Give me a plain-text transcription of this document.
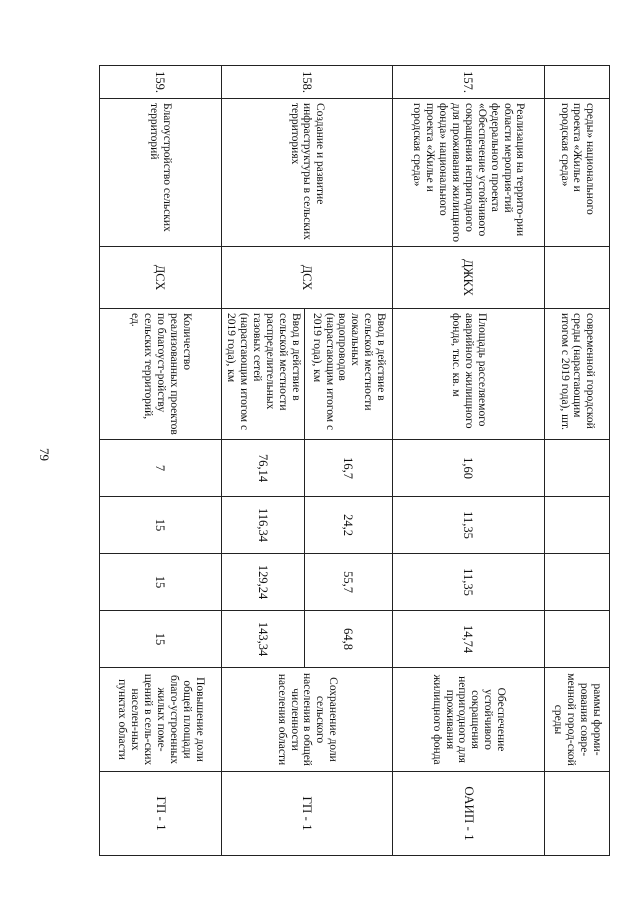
79
	среды» национального проекта «Жилье и городская среда»		современной городской среды (нарастающим итогом с 2019 года), шт.					раммы форми-рования совре-менной город-ской среды	
157.	Реализация на террито-рии области мероприя-тий федерального проекта «Обеспечение устойчивого сокращения непригодного для проживания жилищного фонда» национального проекта «Жилье и городская среда»	ДЖКХ	Площадь расселяемого аварийного жилищного фонда, тыс. кв. м	1,60	11,35	11,35	14,74	Обеспечение устойчивого сокращения непригодного для проживания жилищного фонда	ОАИП - 1
158.	Создание и развитие инфраструктуры в сельских территориях	ДСХ	Ввод в действие в сельской местности локальных водопроводов (нарастающим итогом с 2019 года), км	16,7	24,2	55,7	64,8	Сохранение доли сельского населения в общей численности населения области	ГП - 1
			Ввод в действие в сельской местности распределительных газовых сетей (нарастающим итогом с 2019 года), км	76,14	116,34	129,24	143,34		
159.	Благоустройство сельских территорий	ДСХ	Количество реализованных проектов по благоуст-ройству сельских территорий, ед.	7	15	15	15	Повышение доли общей площади благо-устроенных жилых поме-щений в сель-ских населен-ных пунктах области	ГП - 1
